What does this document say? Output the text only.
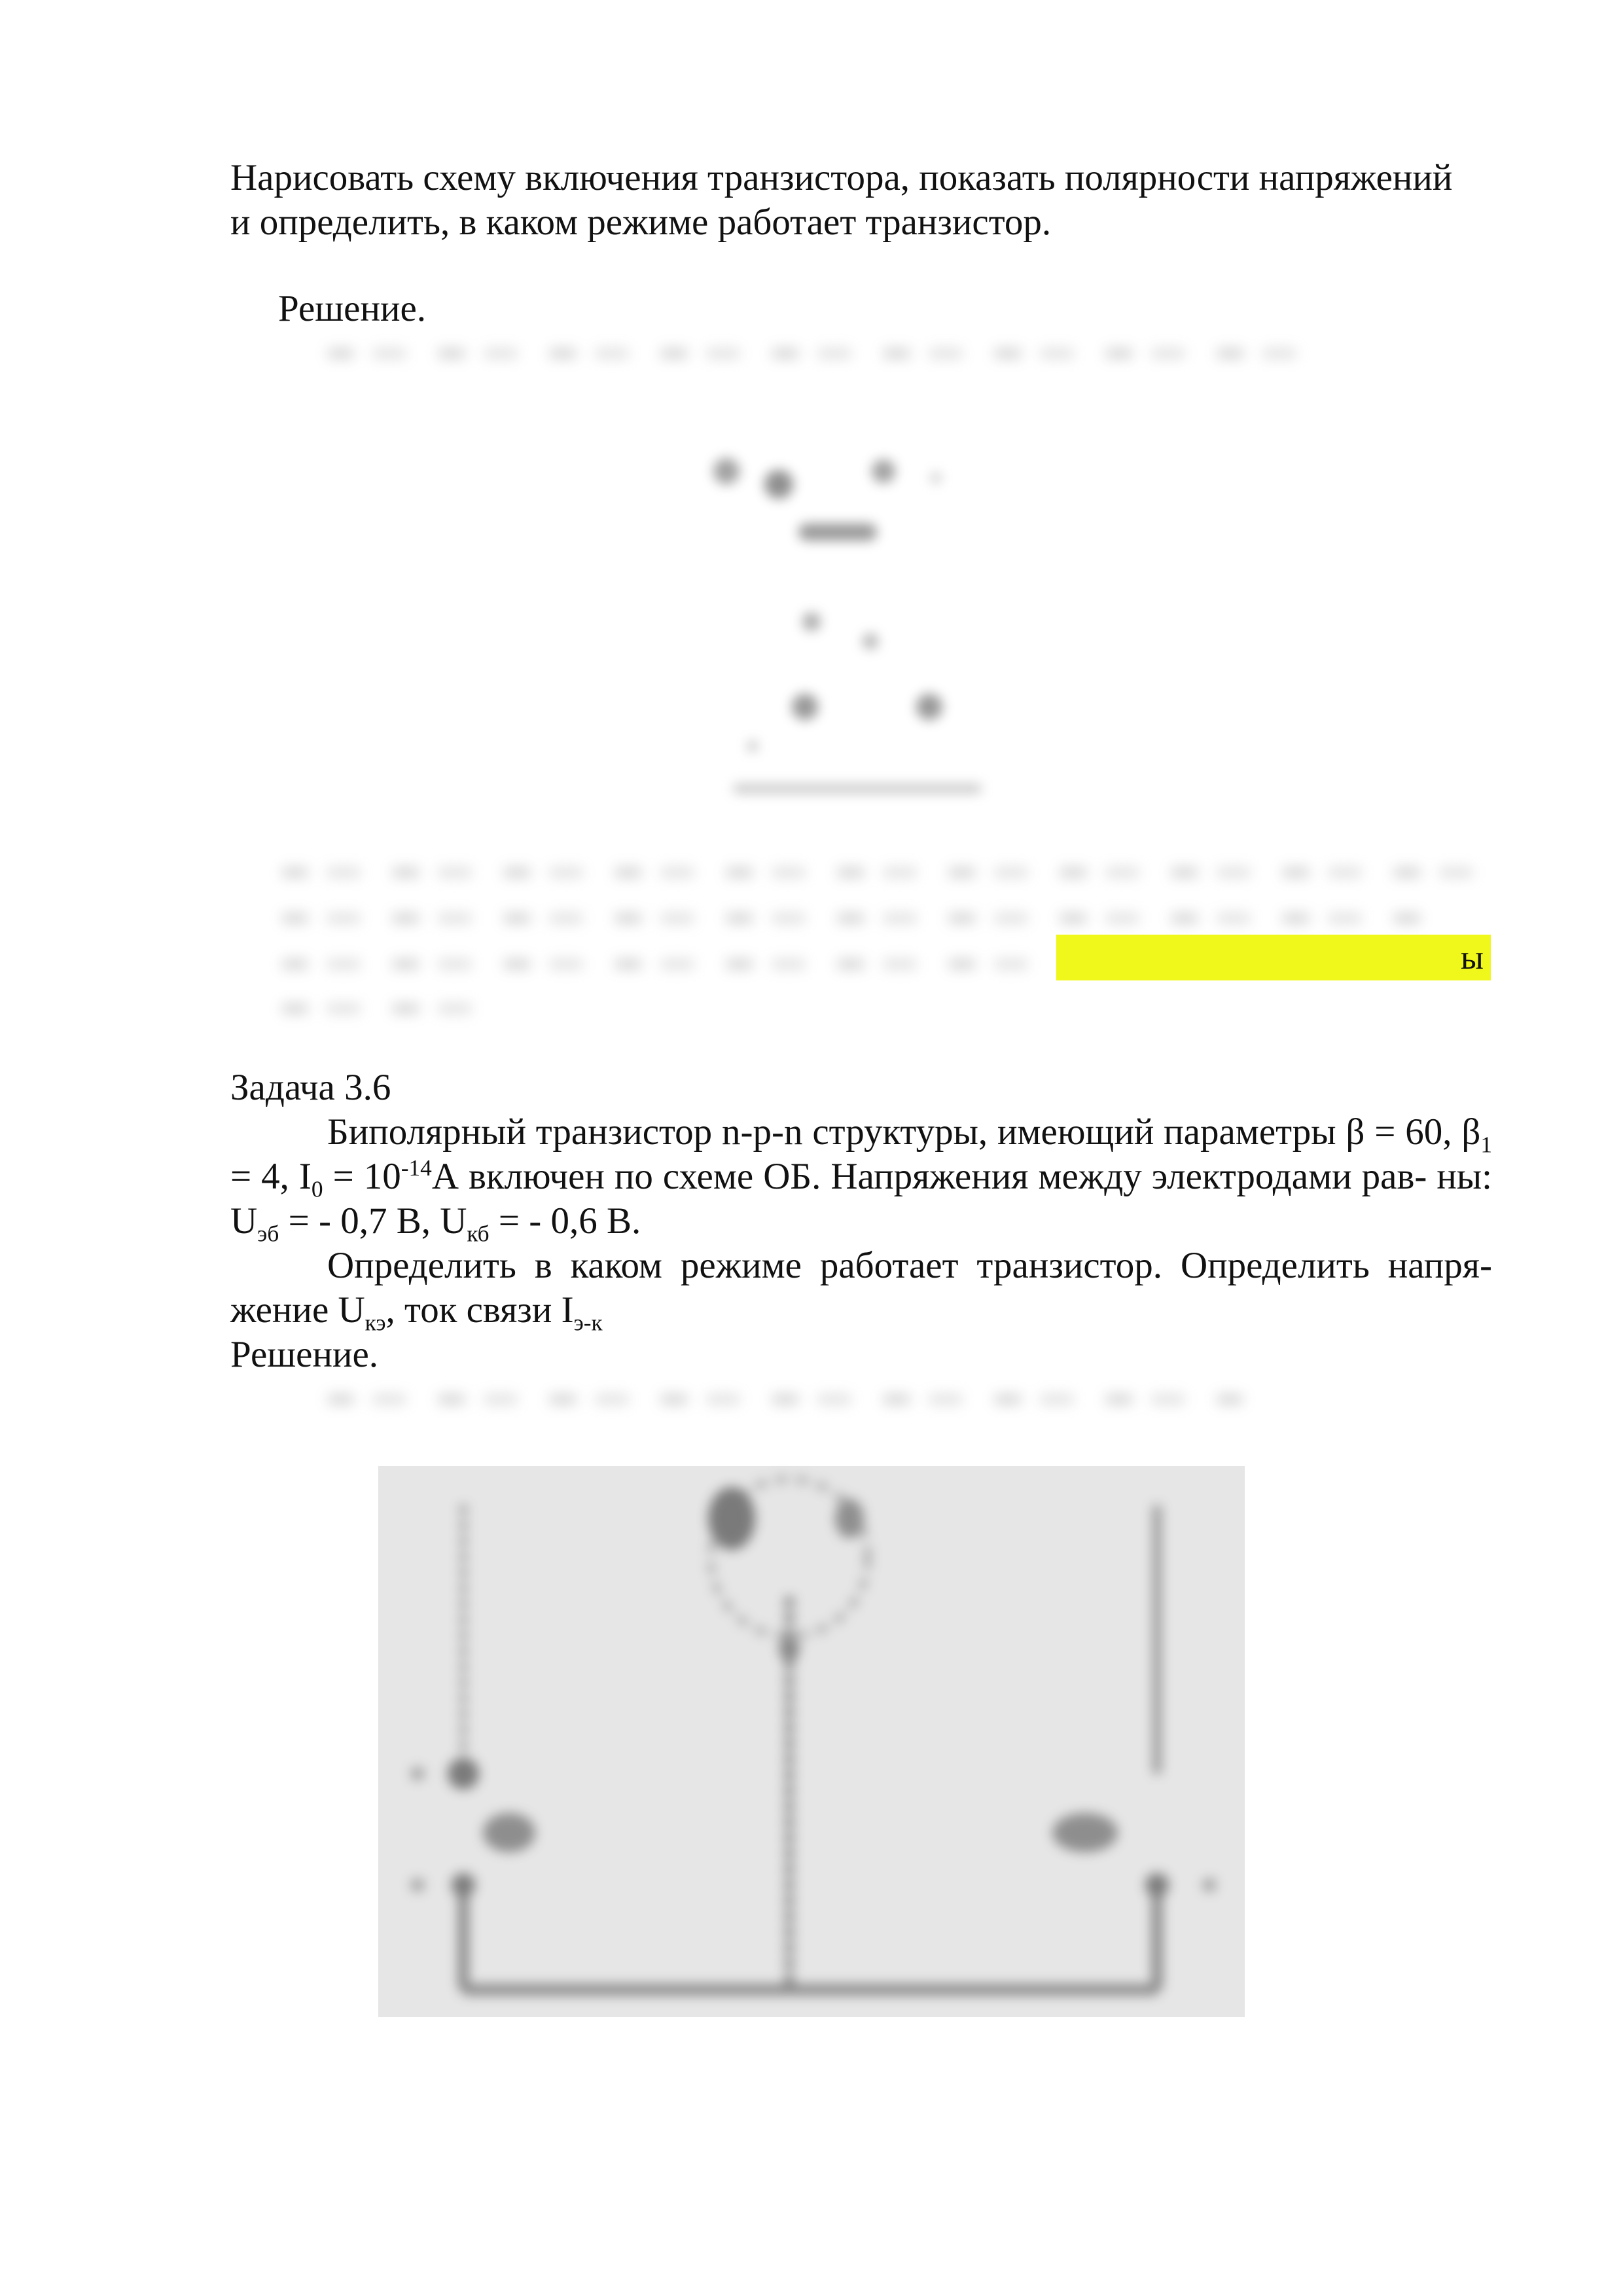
Нарисовать схему включения транзистора, показать полярности напряжений

и определить, в каком режиме работает транзистор.

Решение.

ы

Задача 3.6

Биполярный транзистор n-p-n структуры, имеющий параметры β = 60, $\beta_1 = 4$, $I_0 = 10^{-14}А$ включен по схеме ОБ. Напряжения между электродами рав- ны: $U_{эб}$ = - 0,7 В, $U_{кб}$ = - 0,6 В.

Определить в каком режиме работает транзистор. Определить напря- жение $U_{кэ}$, ток связи $I_{э-к}$

Решение.
